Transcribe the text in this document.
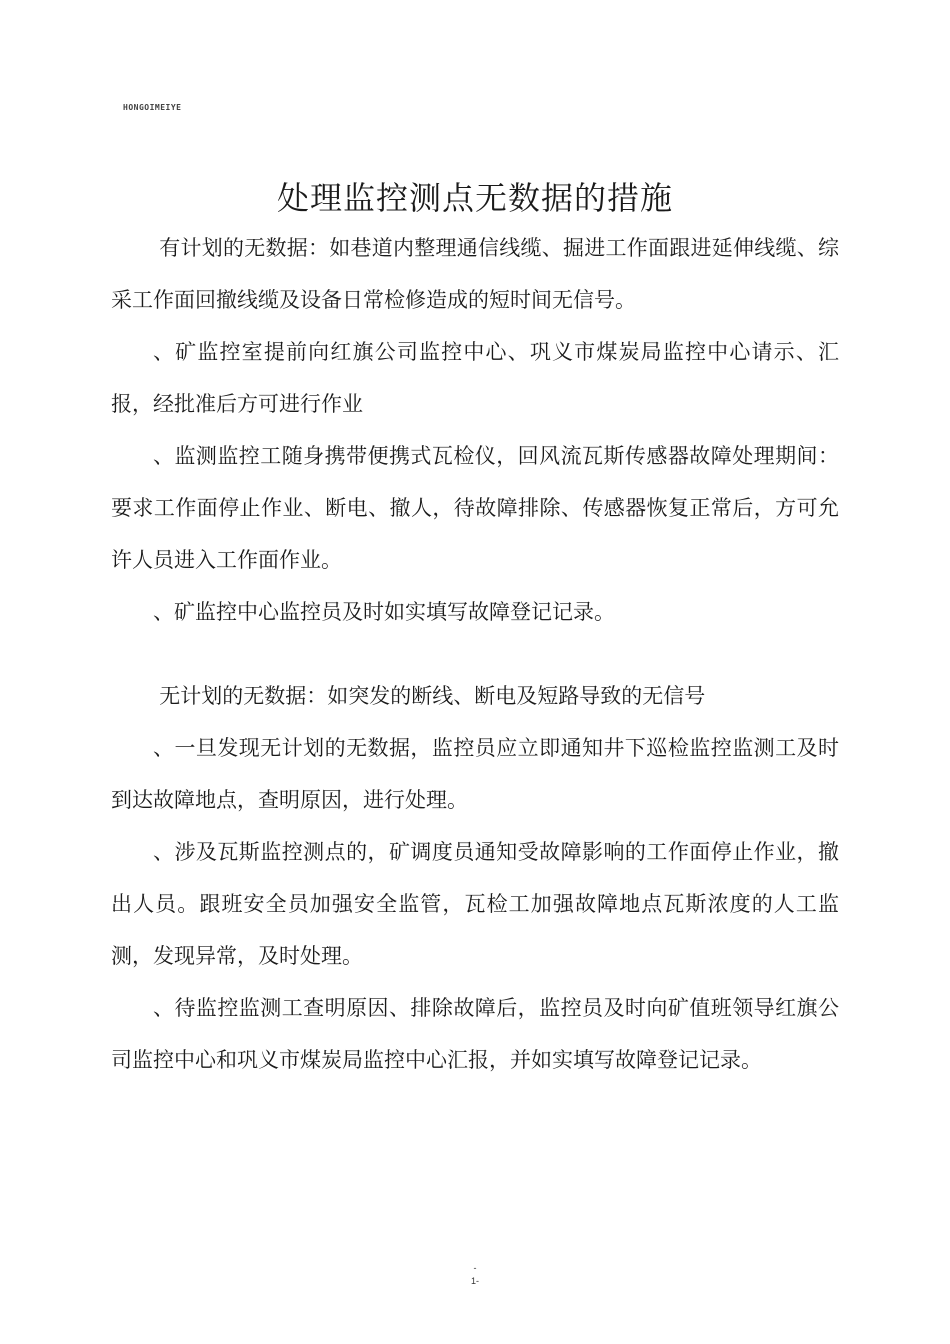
HONGOIMEIYE
处理监控测点无数据的措施

有计划的无数据：如巷道内整理通信线缆、掘进工作面跟进延伸线缆、综采工作面回撤线缆及设备日常检修造成的短时间无信号。

、矿监控室提前向红旗公司监控中心、巩义市煤炭局监控中心请示、汇报，经批准后方可进行作业

、监测监控工随身携带便携式瓦检仪，回风流瓦斯传感器故障处理期间：要求工作面停止作业、断电、撤人，待故障排除、传感器恢复正常后，方可允许人员进入工作面作业。

、矿监控中心监控员及时如实填写故障登记记录。

无计划的无数据：如突发的断线、断电及短路导致的无信号

、一旦发现无计划的无数据，监控员应立即通知井下巡检监控监测工及时到达故障地点，查明原因，进行处理。

、涉及瓦斯监控测点的，矿调度员通知受故障影响的工作面停止作业，撤出人员。跟班安全员加强安全监管，瓦检工加强故障地点瓦斯浓度的人工监测，发现异常，及时处理。

、待监控监测工查明原因、排除故障后，监控员及时向矿值班领导红旗公司监控中心和巩义市煤炭局监控中心汇报，并如实填写故障登记记录。

-
1-
